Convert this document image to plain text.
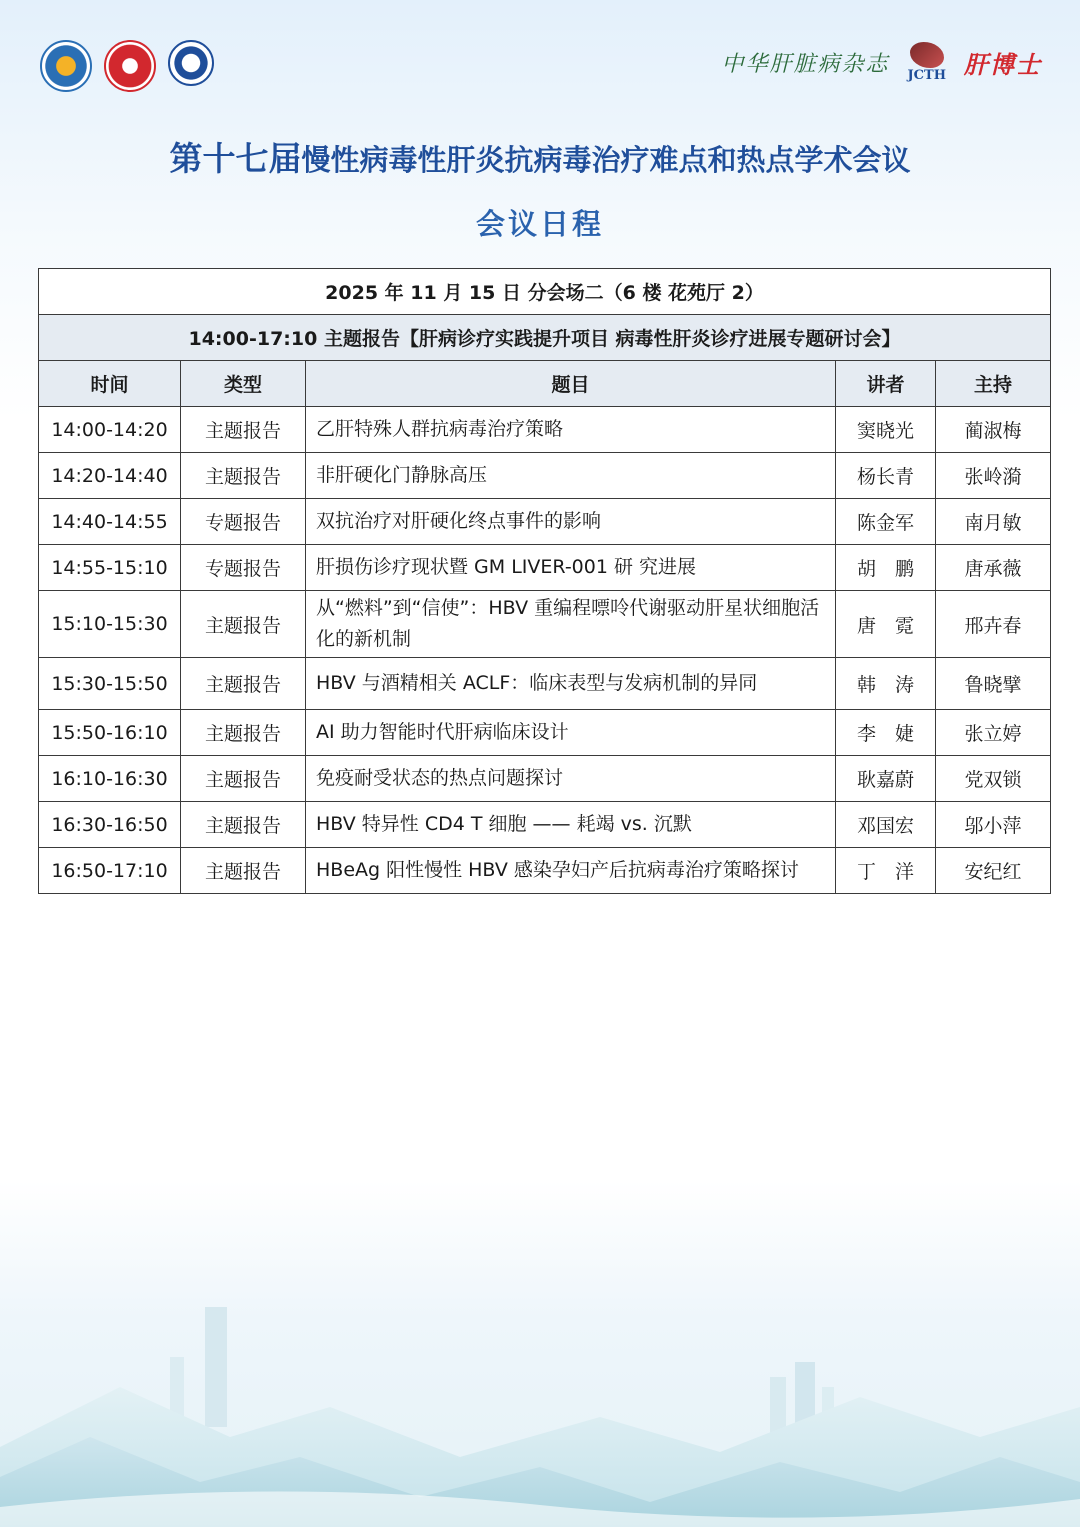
中华肝脏病杂志 JCTH 肝博士
第十七届慢性病毒性肝炎抗病毒治疗难点和热点学术会议
会议日程
2025 年 11 月 15 日 分会场二（6 楼 花苑厅 2）				
14:00-17:10 主题报告【肝病诊疗实践提升项目 病毒性肝炎诊疗进展专题研讨会】				
时间	类型	题目	讲者	主持
14:00-14:20	主题报告	乙肝特殊人群抗病毒治疗策略	窦晓光	蔺淑梅
14:20-14:40	主题报告	非肝硬化门静脉高压	杨长青	张岭漪
14:40-14:55	专题报告	双抗治疗对肝硬化终点事件的影响	陈金军	南月敏
14:55-15:10	专题报告	肝损伤诊疗现状暨 GM LIVER-001 研 究进展	胡　鹏	唐承薇
15:10-15:30	主题报告	从“燃料”到“信使”：HBV 重编程嘌呤代谢驱动肝星状细胞活化的新机制	唐　霓	邢卉春
15:30-15:50	主题报告	HBV 与酒精相关 ACLF：临床表型与发病机制的异同	韩　涛	鲁晓擘
15:50-16:10	主题报告	AI 助力智能时代肝病临床设计	李　婕	张立婷
16:10-16:30	主题报告	免疫耐受状态的热点问题探讨	耿嘉蔚	党双锁
16:30-16:50	主题报告	HBV 特异性 CD4 T 细胞 —— 耗竭 vs. 沉默	邓国宏	邬小萍
16:50-17:10	主题报告	HBeAg 阳性慢性 HBV 感染孕妇产后抗病毒治疗策略探讨	丁　洋	安纪红
